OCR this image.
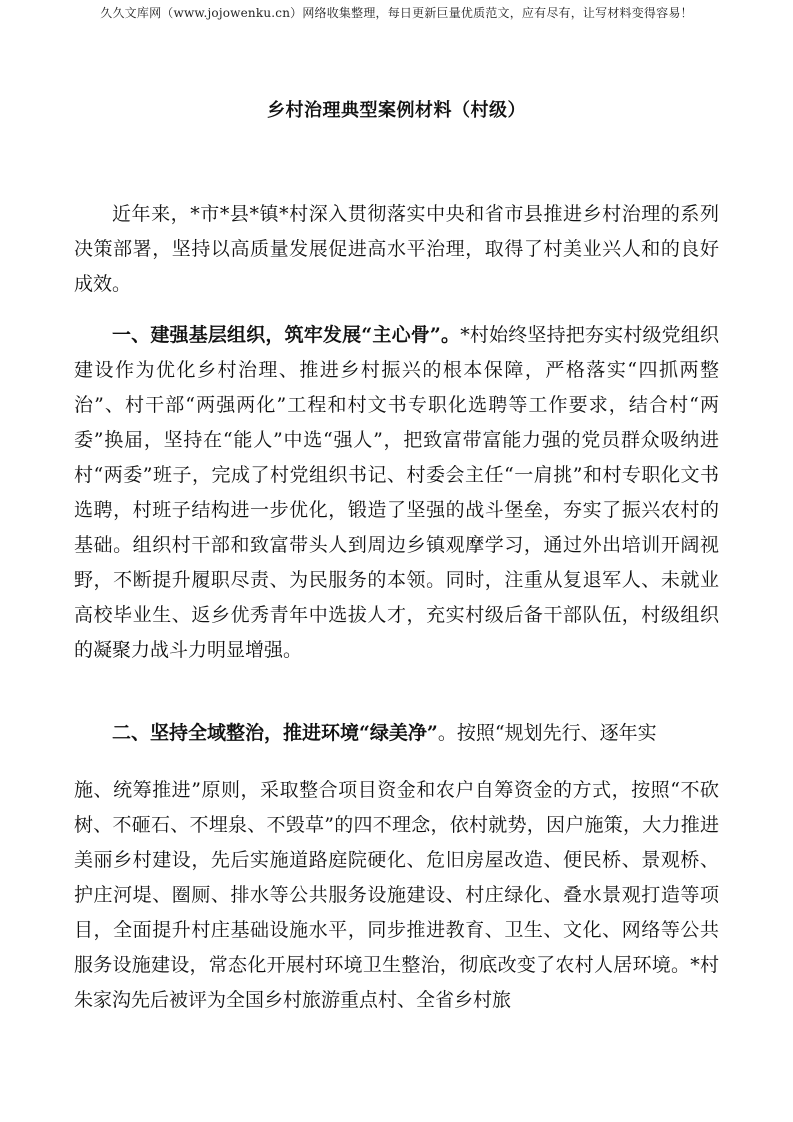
久久文库网（www.jojowenku.cn）网络收集整理，每日更新巨量优质范文，应有尽有，让写材料变得容易！
乡村治理典型案例材料（村级）

近年来，*市*县*镇*村深入贯彻落实中央和省市县推进乡村治理的系列决策部署，坚持以高质量发展促进高水平治理，取得了村美业兴人和的良好成效。

一、建强基层组织，筑牢发展“主心骨”。*村始终坚持把夯实村级党组织建设作为优化乡村治理、推进乡村振兴的根本保障，严格落实“四抓两整治”、村干部“两强两化”工程和村文书专职化选聘等工作要求，结合村“两委”换届，坚持在“能人”中选“强人”，把致富带富能力强的党员群众吸纳进村“两委”班子，完成了村党组织书记、村委会主任“一肩挑”和村专职化文书选聘，村班子结构进一步优化，锻造了坚强的战斗堡垒，夯实了振兴农村的基础。组织村干部和致富带头人到周边乡镇观摩学习，通过外出培训开阔视野，不断提升履职尽责、为民服务的本领。同时，注重从复退军人、未就业高校毕业生、返乡优秀青年中选拔人才，充实村级后备干部队伍，村级组织的凝聚力战斗力明显增强。

二、坚持全域整治，推进环境“绿美净”。按照“规划先行、逐年实

施、统筹推进”原则，采取整合项目资金和农户自筹资金的方式，按照“不砍树、不砸石、不埋泉、不毁草”的四不理念，依村就势，因户施策，大力推进美丽乡村建设，先后实施道路庭院硬化、危旧房屋改造、便民桥、景观桥、护庄河堤、圈厕、排水等公共服务设施建设、村庄绿化、叠水景观打造等项目，全面提升村庄基础设施水平，同步推进教育、卫生、文化、网络等公共服务设施建设，常态化开展村环境卫生整治，彻底改变了农村人居环境。*村朱家沟先后被评为全国乡村旅游重点村、全省乡村旅
